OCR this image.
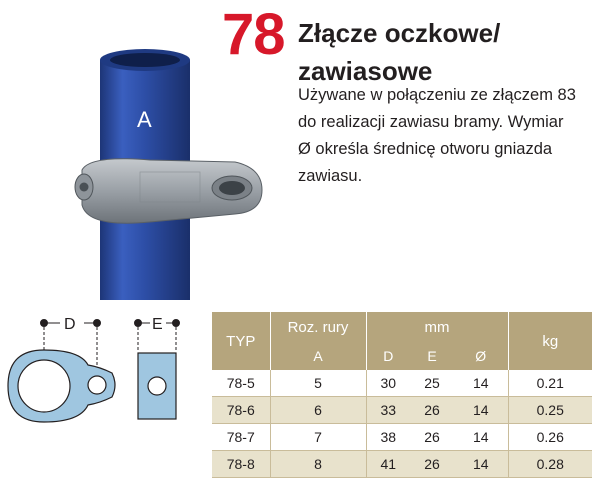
A
78 Złącze oczkowe/
zawiasowe
Używane w połączeniu ze złączem 83
do realizacji zawiasu bramy. Wymiar
Ø określa średnicę otworu gniazda
zawiasu.
D	E
TYP	Roz. rury	mm			kg
	A	D	E	Ø	
78-5	5	30	25	14	0.21
78-6	6	33	26	14	0.25
78-7	7	38	26	14	0.26
78-8	8	41	26	14	0.28
